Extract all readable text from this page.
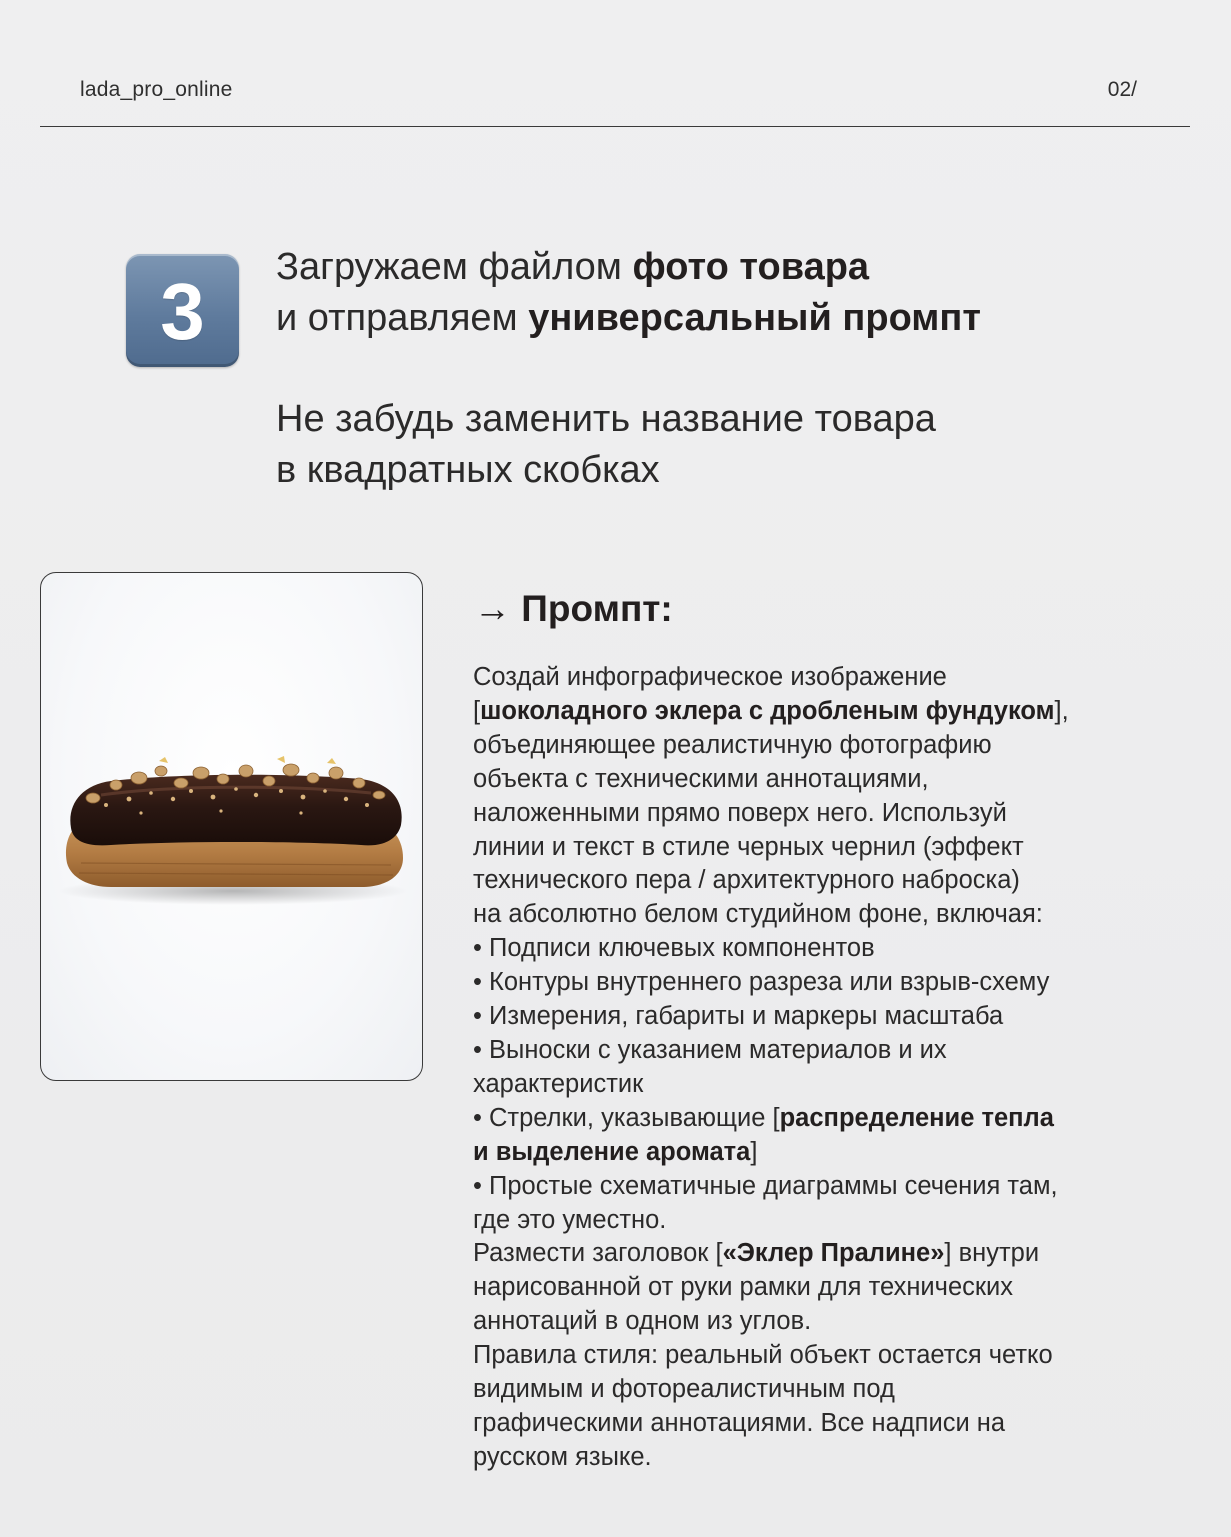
lada_pro_online	02/
3 Загружаем файлом фото товара
и отправляем универсальный промпт
Не забудь заменить название товара
в квадратных скобках
→ Промпт:
Создай инфографическое изображение
[шоколадного эклера с дробленым фундуком],
объединяющее реалистичную фотографию
объекта с техническими аннотациями,
наложенными прямо поверх него. Используй
линии и текст в стиле черных чернил (эффект
технического пера / архитектурного наброска)
на абсолютно белом студийном фоне, включая:
• Подписи ключевых компонентов
• Контуры внутреннего разреза или взрыв-схему
• Измерения, габариты и маркеры масштаба
• Выноски с указанием материалов и их
характеристик
• Стрелки, указывающие [распределение тепла
и выделение аромата]
• Простые схематичные диаграммы сечения там,
где это уместно.
Размести заголовок [«Эклер Пралине»] внутри
нарисованной от руки рамки для технических
аннотаций в одном из углов.
Правила стиля: реальный объект остается четко
видимым и фотореалистичным под
графическими аннотациями. Все надписи на
русском языке.
